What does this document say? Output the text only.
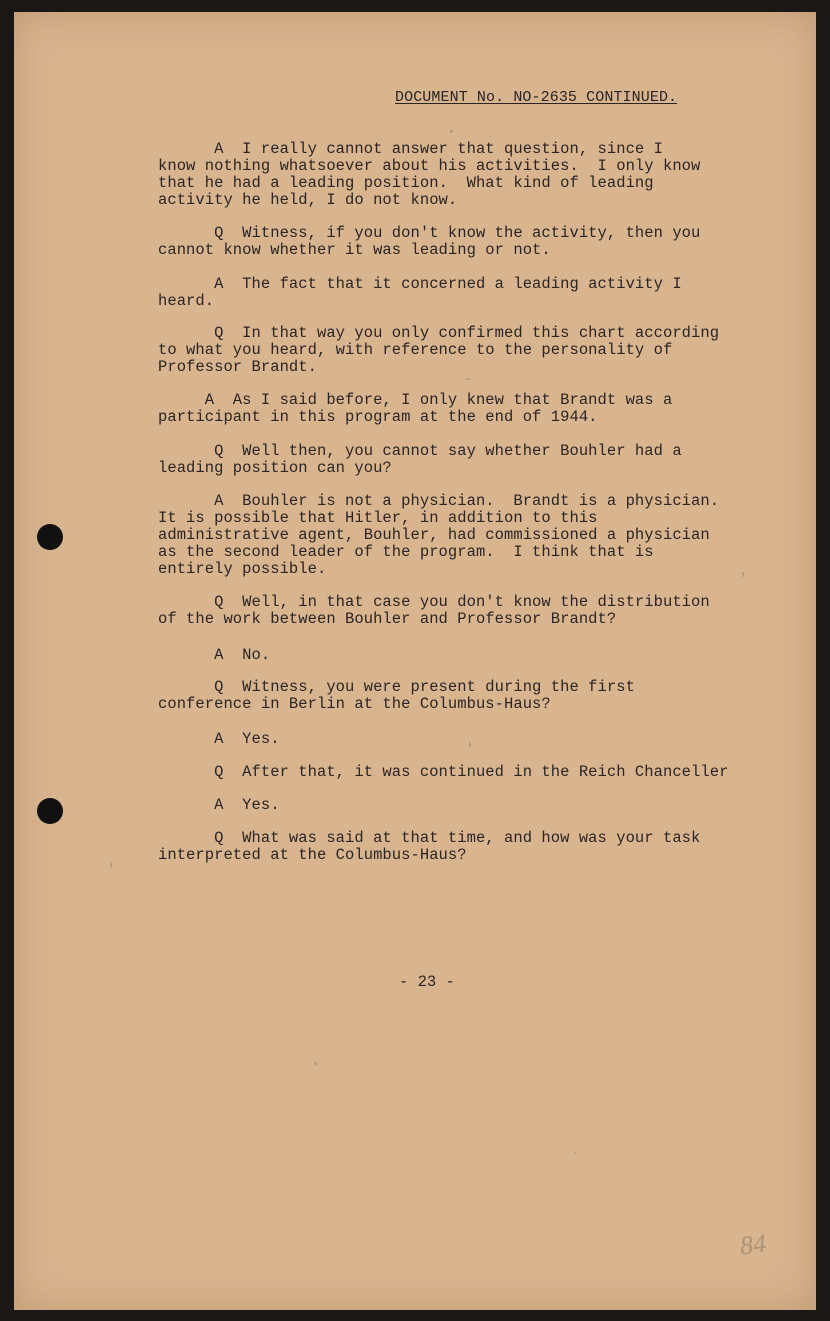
DOCUMENT No. NO-2635 CONTINUED.
A  I really cannot answer that question, since I
know nothing whatsoever about his activities.  I only know
that he had a leading position.  What kind of leading
activity he held, I do not know.
Q  Witness, if you don't know the activity, then you
cannot know whether it was leading or not.
A  The fact that it concerned a leading activity I
heard.
Q  In that way you only confirmed this chart according
to what you heard, with reference to the personality of
Professor Brandt.
A  As I said before, I only knew that Brandt was a
participant in this program at the end of 1944.
Q  Well then, you cannot say whether Bouhler had a
leading position can you?
A  Bouhler is not a physician.  Brandt is a physician.
It is possible that Hitler, in addition to this
administrative agent, Bouhler, had commissioned a physician
as the second leader of the program.  I think that is
entirely possible.
Q  Well, in that case you don't know the distribution
of the work between Bouhler and Professor Brandt?
A  No.
Q  Witness, you were present during the first
conference in Berlin at the Columbus-Haus?
A  Yes.
Q  After that, it was continued in the Reich Chanceller
A  Yes.
Q  What was said at that time, and how was your task
interpreted at the Columbus-Haus?
- 23 -
84
